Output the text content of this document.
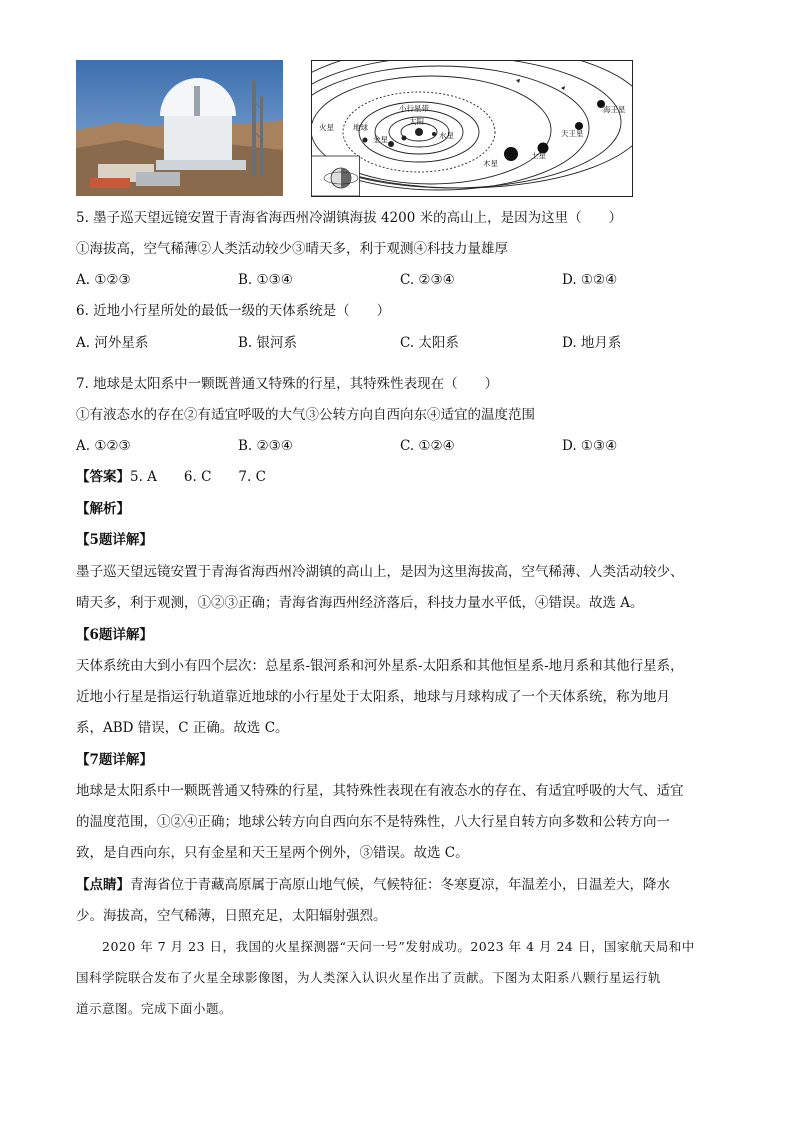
海王星
天王星
土星
木星
火星	地球
金星	水星
太阳
小行星带
5. 墨子巡天望远镜安置于青海省海西州冷湖镇海拔 4200 米的高山上，是因为这里（　　）
①海拔高，空气稀薄②人类活动较少③晴天多，利于观测④科技力量雄厚
A. ①②③	B. ①③④	C. ②③④	D. ①②④
6. 近地小行星所处的最低一级的天体系统是（　　）
A. 河外星系	B. 银河系	C. 太阳系	D. 地月系
7. 地球是太阳系中一颗既普通又特殊的行星，其特殊性表现在（　　）
①有液态水的存在②有适宜呼吸的大气③公转方向自西向东④适宜的温度范围
A. ①②③	B. ②③④	C. ①②④	D. ①③④
【答案】5. A　　6. C　　7. C
【解析】
【5题详解】
墨子巡天望远镜安置于青海省海西州冷湖镇的高山上，是因为这里海拔高，空气稀薄、人类活动较少、
晴天多，利于观测，①②③正确；青海省海西州经济落后，科技力量水平低，④错误。故选 A。
【6题详解】
天体系统由大到小有四个层次：总星系-银河系和河外星系-太阳系和其他恒星系-地月系和其他行星系，
近地小行星是指运行轨道靠近地球的小行星处于太阳系，地球与月球构成了一个天体系统，称为地月
系，ABD 错误，C 正确。故选 C。
【7题详解】
地球是太阳系中一颗既普通又特殊的行星，其特殊性表现在有液态水的存在、有适宜呼吸的大气、适宜
的温度范围，①②④正确；地球公转方向自西向东不是特殊性，八大行星自转方向多数和公转方向一
致，是自西向东，只有金星和天王星两个例外，③错误。故选 C。
【点睛】青海省位于青藏高原属于高原山地气候，气候特征：冬寒夏凉，年温差小，日温差大，降水
少。海拔高，空气稀薄，日照充足，太阳辐射强烈。
　　2020 年 7 月 23 日，我国的火星探测器“天问一号”发射成功。2023 年 4 月 24 日，国家航天局和中
国科学院联合发布了火星全球影像图，为人类深入认识火星作出了贡献。下图为太阳系八颗行星运行轨
道示意图。完成下面小题。
